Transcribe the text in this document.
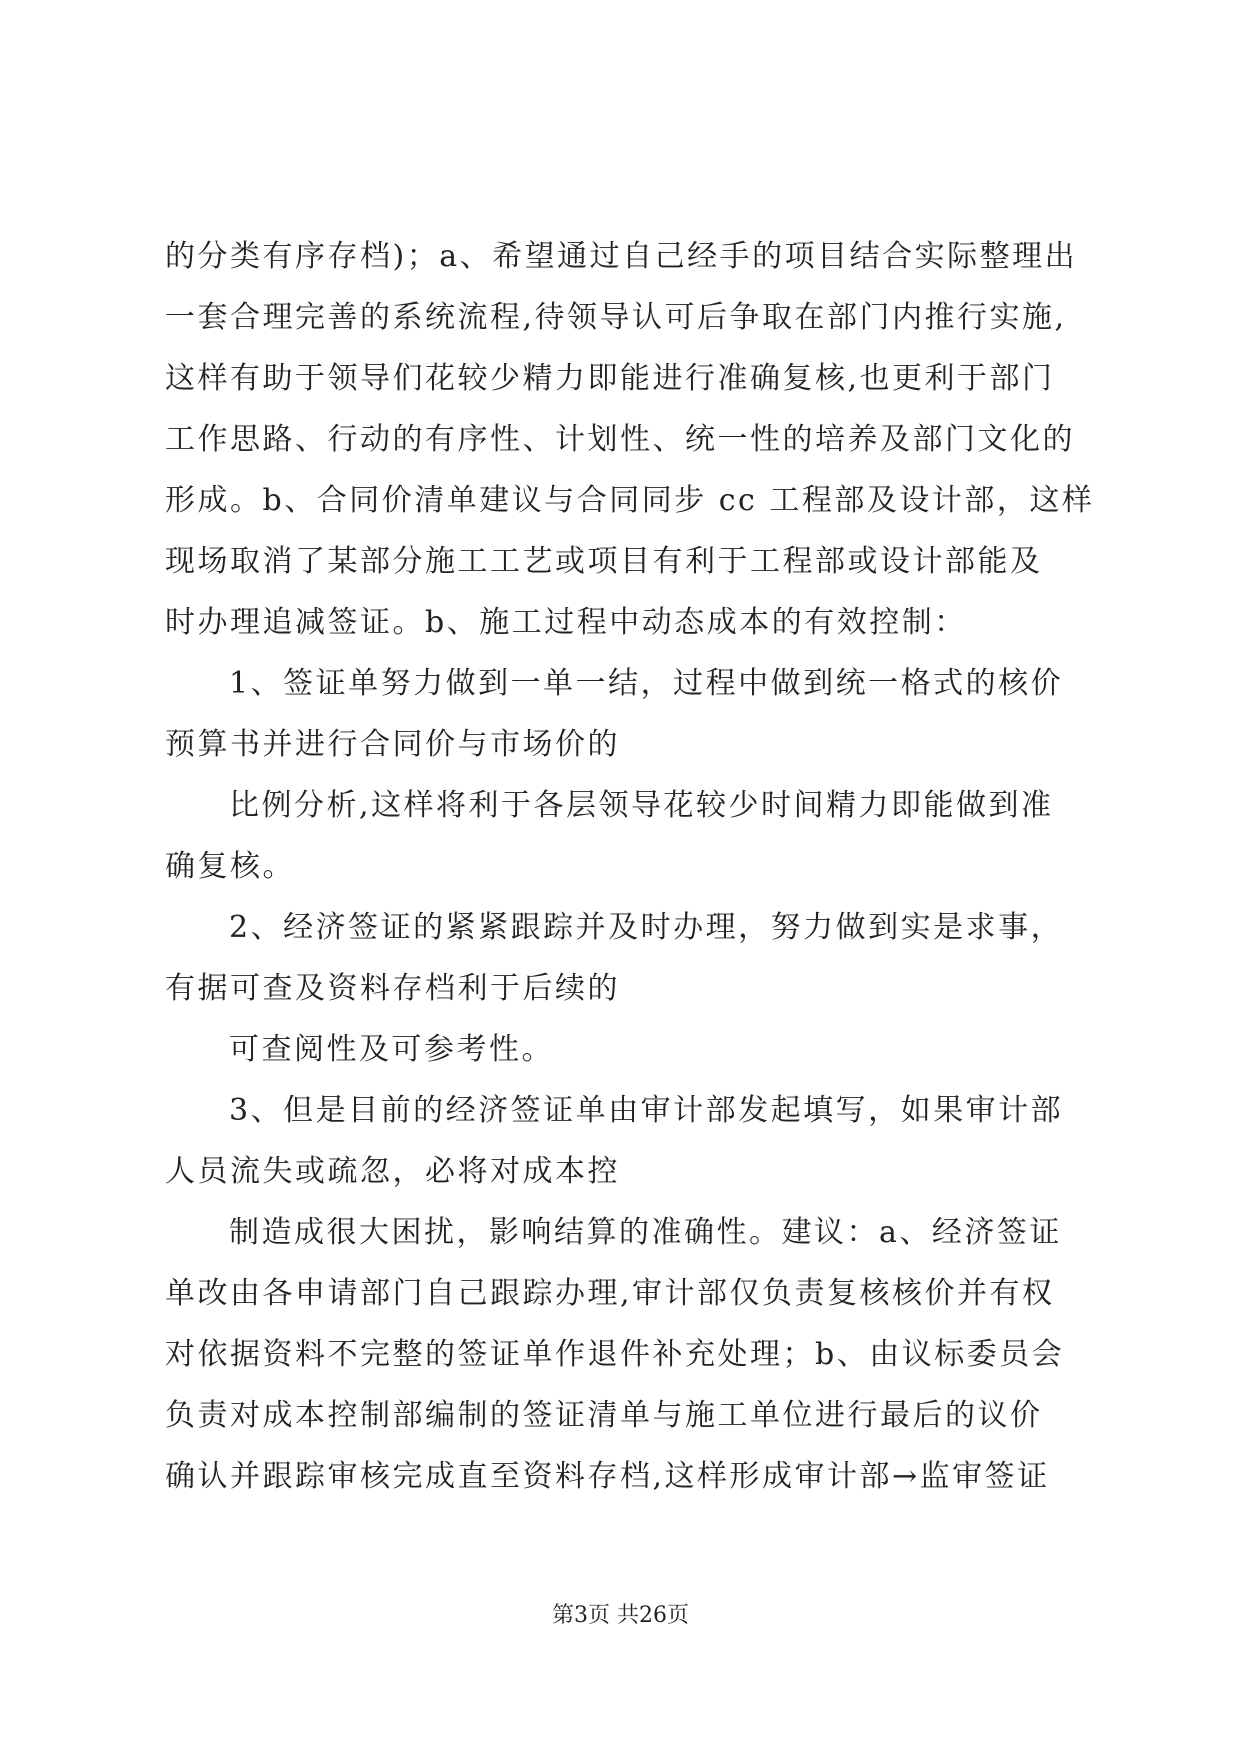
的分类有序存档)；a、希望通过自己经手的项目结合实际整理出
一套合理完善的系统流程,待领导认可后争取在部门内推行实施,
这样有助于领导们花较少精力即能进行准确复核,也更利于部门
工作思路、行动的有序性、计划性、统一性的培养及部门文化的
形成。b、合同价清单建议与合同同步 cc 工程部及设计部，这样
现场取消了某部分施工工艺或项目有利于工程部或设计部能及
时办理追减签证。b、施工过程中动态成本的有效控制：
1、签证单努力做到一单一结，过程中做到统一格式的核价
预算书并进行合同价与市场价的
比例分析,这样将利于各层领导花较少时间精力即能做到准
确复核。
2、经济签证的紧紧跟踪并及时办理，努力做到实是求事，
有据可查及资料存档利于后续的
可查阅性及可参考性。
3、但是目前的经济签证单由审计部发起填写，如果审计部
人员流失或疏忽，必将对成本控
制造成很大困扰，影响结算的准确性。建议：a、经济签证
单改由各申请部门自己跟踪办理,审计部仅负责复核核价并有权
对依据资料不完整的签证单作退件补充处理；b、由议标委员会
负责对成本控制部编制的签证清单与施工单位进行最后的议价
确认并跟踪审核完成直至资料存档,这样形成审计部→监审签证
第3页 共26页
